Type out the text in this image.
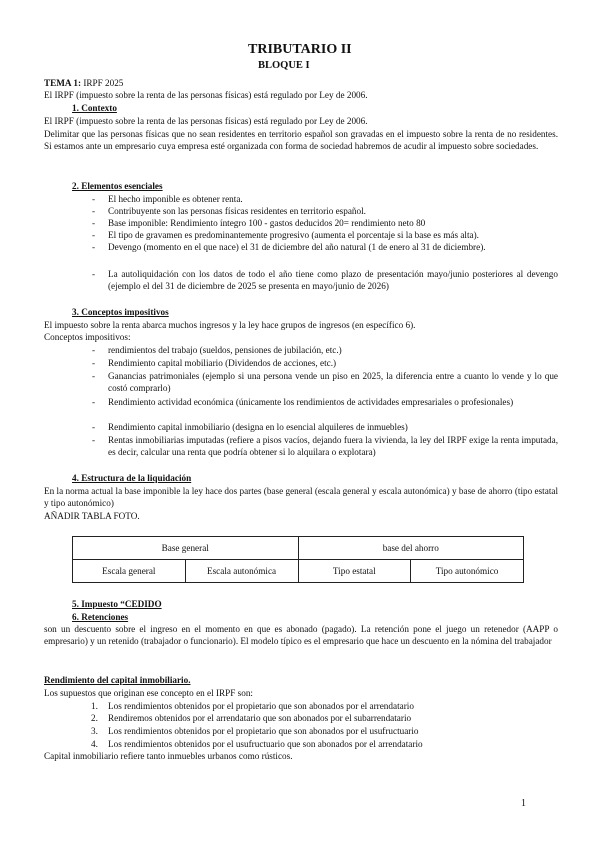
TRIBUTARIO II
BLOQUE I
TEMA 1: IRPF 2025
El IRPF (impuesto sobre la renta de las personas físicas) está regulado por Ley de 2006.
1. Contexto
El IRPF (impuesto sobre la renta de las personas físicas) está regulado por Ley de 2006.
Delimitar que las personas físicas que no sean residentes en territorio español son gravadas en el impuesto sobre la renta de no residentes. Si estamos ante un empresario cuya empresa esté organizada con forma de sociedad habremos de acudir al impuesto sobre sociedades.
2. Elementos esenciales
- El hecho imponible es obtener renta.
- Contribuyente son las personas físicas residentes en territorio español.
- Base imponible: Rendimiento íntegro 100 - gastos deducidos 20= rendimiento neto 80
- El tipo de gravamen es predominantemente progresivo (aumenta el porcentaje si la base es más alta).
- Devengo (momento en el que nace) el 31 de diciembre del año natural (1 de enero al 31 de diciembre).
- La autoliquidación con los datos de todo el año tiene como plazo de presentación mayo/junio posteriores al devengo (ejemplo el del 31 de diciembre de 2025 se presenta en mayo/junio de 2026)
3. Conceptos impositivos
El impuesto sobre la renta abarca muchos ingresos y la ley hace grupos de ingresos (en específico 6).
Conceptos impositivos:
- rendimientos del trabajo (sueldos, pensiones de jubilación, etc.)
- Rendimiento capital mobiliario (Dividendos de acciones, etc.)
- Ganancias patrimoniales (ejemplo si una persona vende un piso en 2025, la diferencia entre a cuanto lo vende y lo que costó comprarlo)
- Rendimiento actividad económica (únicamente los rendimientos de actividades empresariales o profesionales)
- Rendimiento capital inmobiliario (designa en lo esencial alquileres de inmuebles)
- Rentas inmobiliarias imputadas (refiere a pisos vacíos, dejando fuera la vivienda, la ley del IRPF exige la renta imputada, es decir, calcular una renta que podría obtener si lo alquilara o explotara)
4. Estructura de la liquidación
En la norma actual la base imponible la ley hace dos partes (base general (escala general y escala autonómica) y base de ahorro (tipo estatal y tipo autonómico)
AÑADIR TABLA FOTO.
Base general		base del ahorro	
Escala general	Escala autonómica	Tipo estatal	Tipo autonómico
5. Impuesto “CEDIDO
6. Retenciones
son un descuento sobre el ingreso en el momento en que es abonado (pagado). La retención pone el juego un retenedor (AAPP o empresario) y un retenido (trabajador o funcionario). El modelo típico es el empresario que hace un descuento en la nómina del trabajador
Rendimiento del capital inmobiliario.
Los supuestos que originan ese concepto en el IRPF son:
1. Los rendimientos obtenidos por el propietario que son abonados por el arrendatario
2. Rendiremos obtenidos por el arrendatario que son abonados por el subarrendatario
3. Los rendimientos obtenidos por el propietario que son abonados por el usufructuario
4. Los rendimientos obtenidos por el usufructuario que son abonados por el arrendatario
Capital inmobiliario refiere tanto inmuebles urbanos como rústicos.
1
